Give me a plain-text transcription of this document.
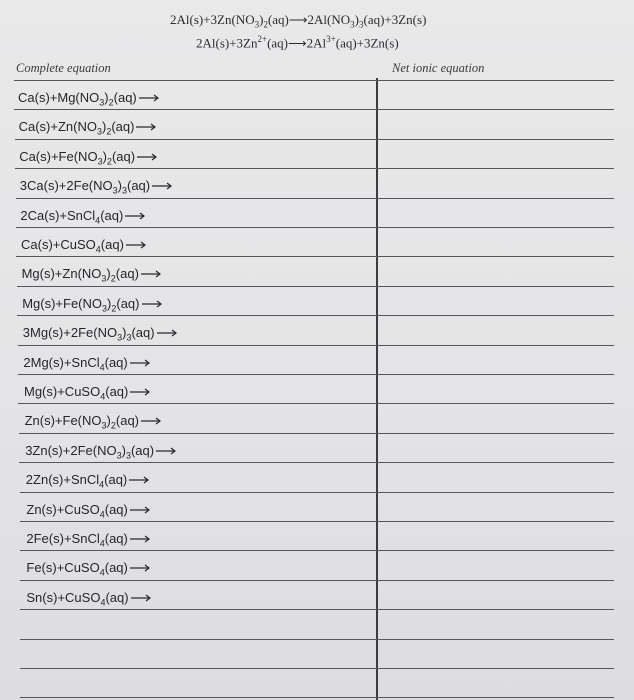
$2Al(s)+3Zn(NO_3)_2(aq)⟶2Al(NO_3)_3(aq)+3Zn(s)$
$2Al(s)+3Zn^{2+}(aq)⟶2Al^{3+}(aq)+3Zn(s)$
Complete equation	Net ionic equation
$Ca(s)+Mg(NO_3)_2(aq)\to$
$Ca(s)+Zn(NO_3)_2(aq)\to$
$Ca(s)+Fe(NO_3)_2(aq)\to$
$3Ca(s)+2Fe(NO_3)_3(aq)\to$
2Ca(s)+SnCl$_4$(aq)→
Ca(s)+CuSO$_4$(aq)→
$Mg(s)+Zn(NO_3)_2(aq)\to$
$Mg(s)+Fe(NO_3)_2(aq)\to$
$3Mg(s)+2Fe(NO_3)_3(aq)\to$
2Mg(s)+SnCl$_4$(aq)→
Mg(s)+CuSO$_4$(aq)→
$Zn(s)+Fe(NO_3)_2(aq)\to$
$3Zn(s)+2Fe(NO_3)_3(aq)\to$
2Zn(s)+SnCl$_4$(aq)→
Zn(s)+CuSO$_4$(aq)→
2Fe(s)+SnCl$_4$(aq)→
Fe(s)+CuSO$_4$(aq)→
Sn(s)+CuSO$_4$(aq)→
